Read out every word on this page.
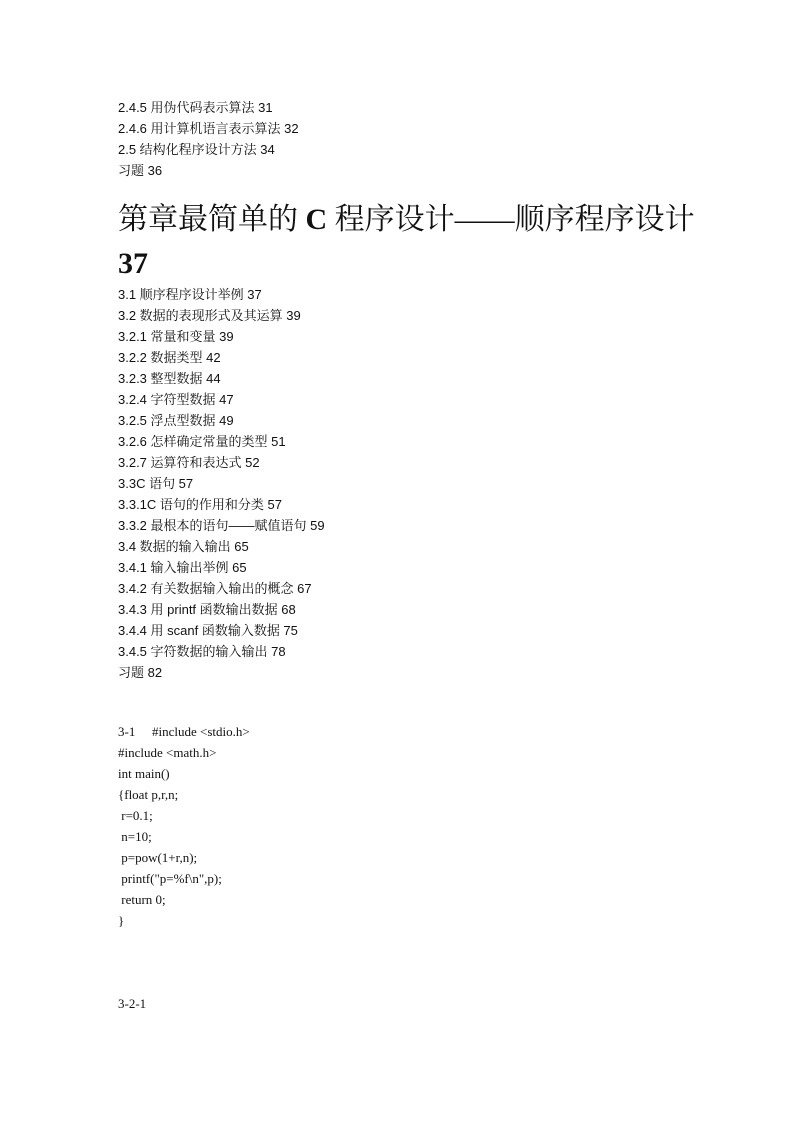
2.4.5 用伪代码表示算法 31
2.4.6 用计算机语言表示算法 32
2.5 结构化程序设计方法 34
习题 36
第章最简单的 C 程序设计——顺序程序设计 37
3.1 顺序程序设计举例 37
3.2 数据的表现形式及其运算 39
3.2.1 常量和变量 39
3.2.2 数据类型 42
3.2.3 整型数据 44
3.2.4 字符型数据 47
3.2.5 浮点型数据 49
3.2.6 怎样确定常量的类型 51
3.2.7 运算符和表达式 52
3.3C 语句 57
3.3.1C 语句的作用和分类 57
3.3.2 最根本的语句——赋值语句 59
3.4 数据的输入输出 65
3.4.1 输入输出举例 65
3.4.2 有关数据输入输出的概念 67
3.4.3 用 printf 函数输出数据 68
3.4.4 用 scanf 函数输入数据 75
3.4.5 字符数据的输入输出 78
习题 82
3-1 #include <stdio.h>
#include <math.h>
int main()
{float p,r,n;
r=0.1;
n=10;
p=pow(1+r,n);
printf("p=%f\n",p);
return 0;
}

3-2-1
